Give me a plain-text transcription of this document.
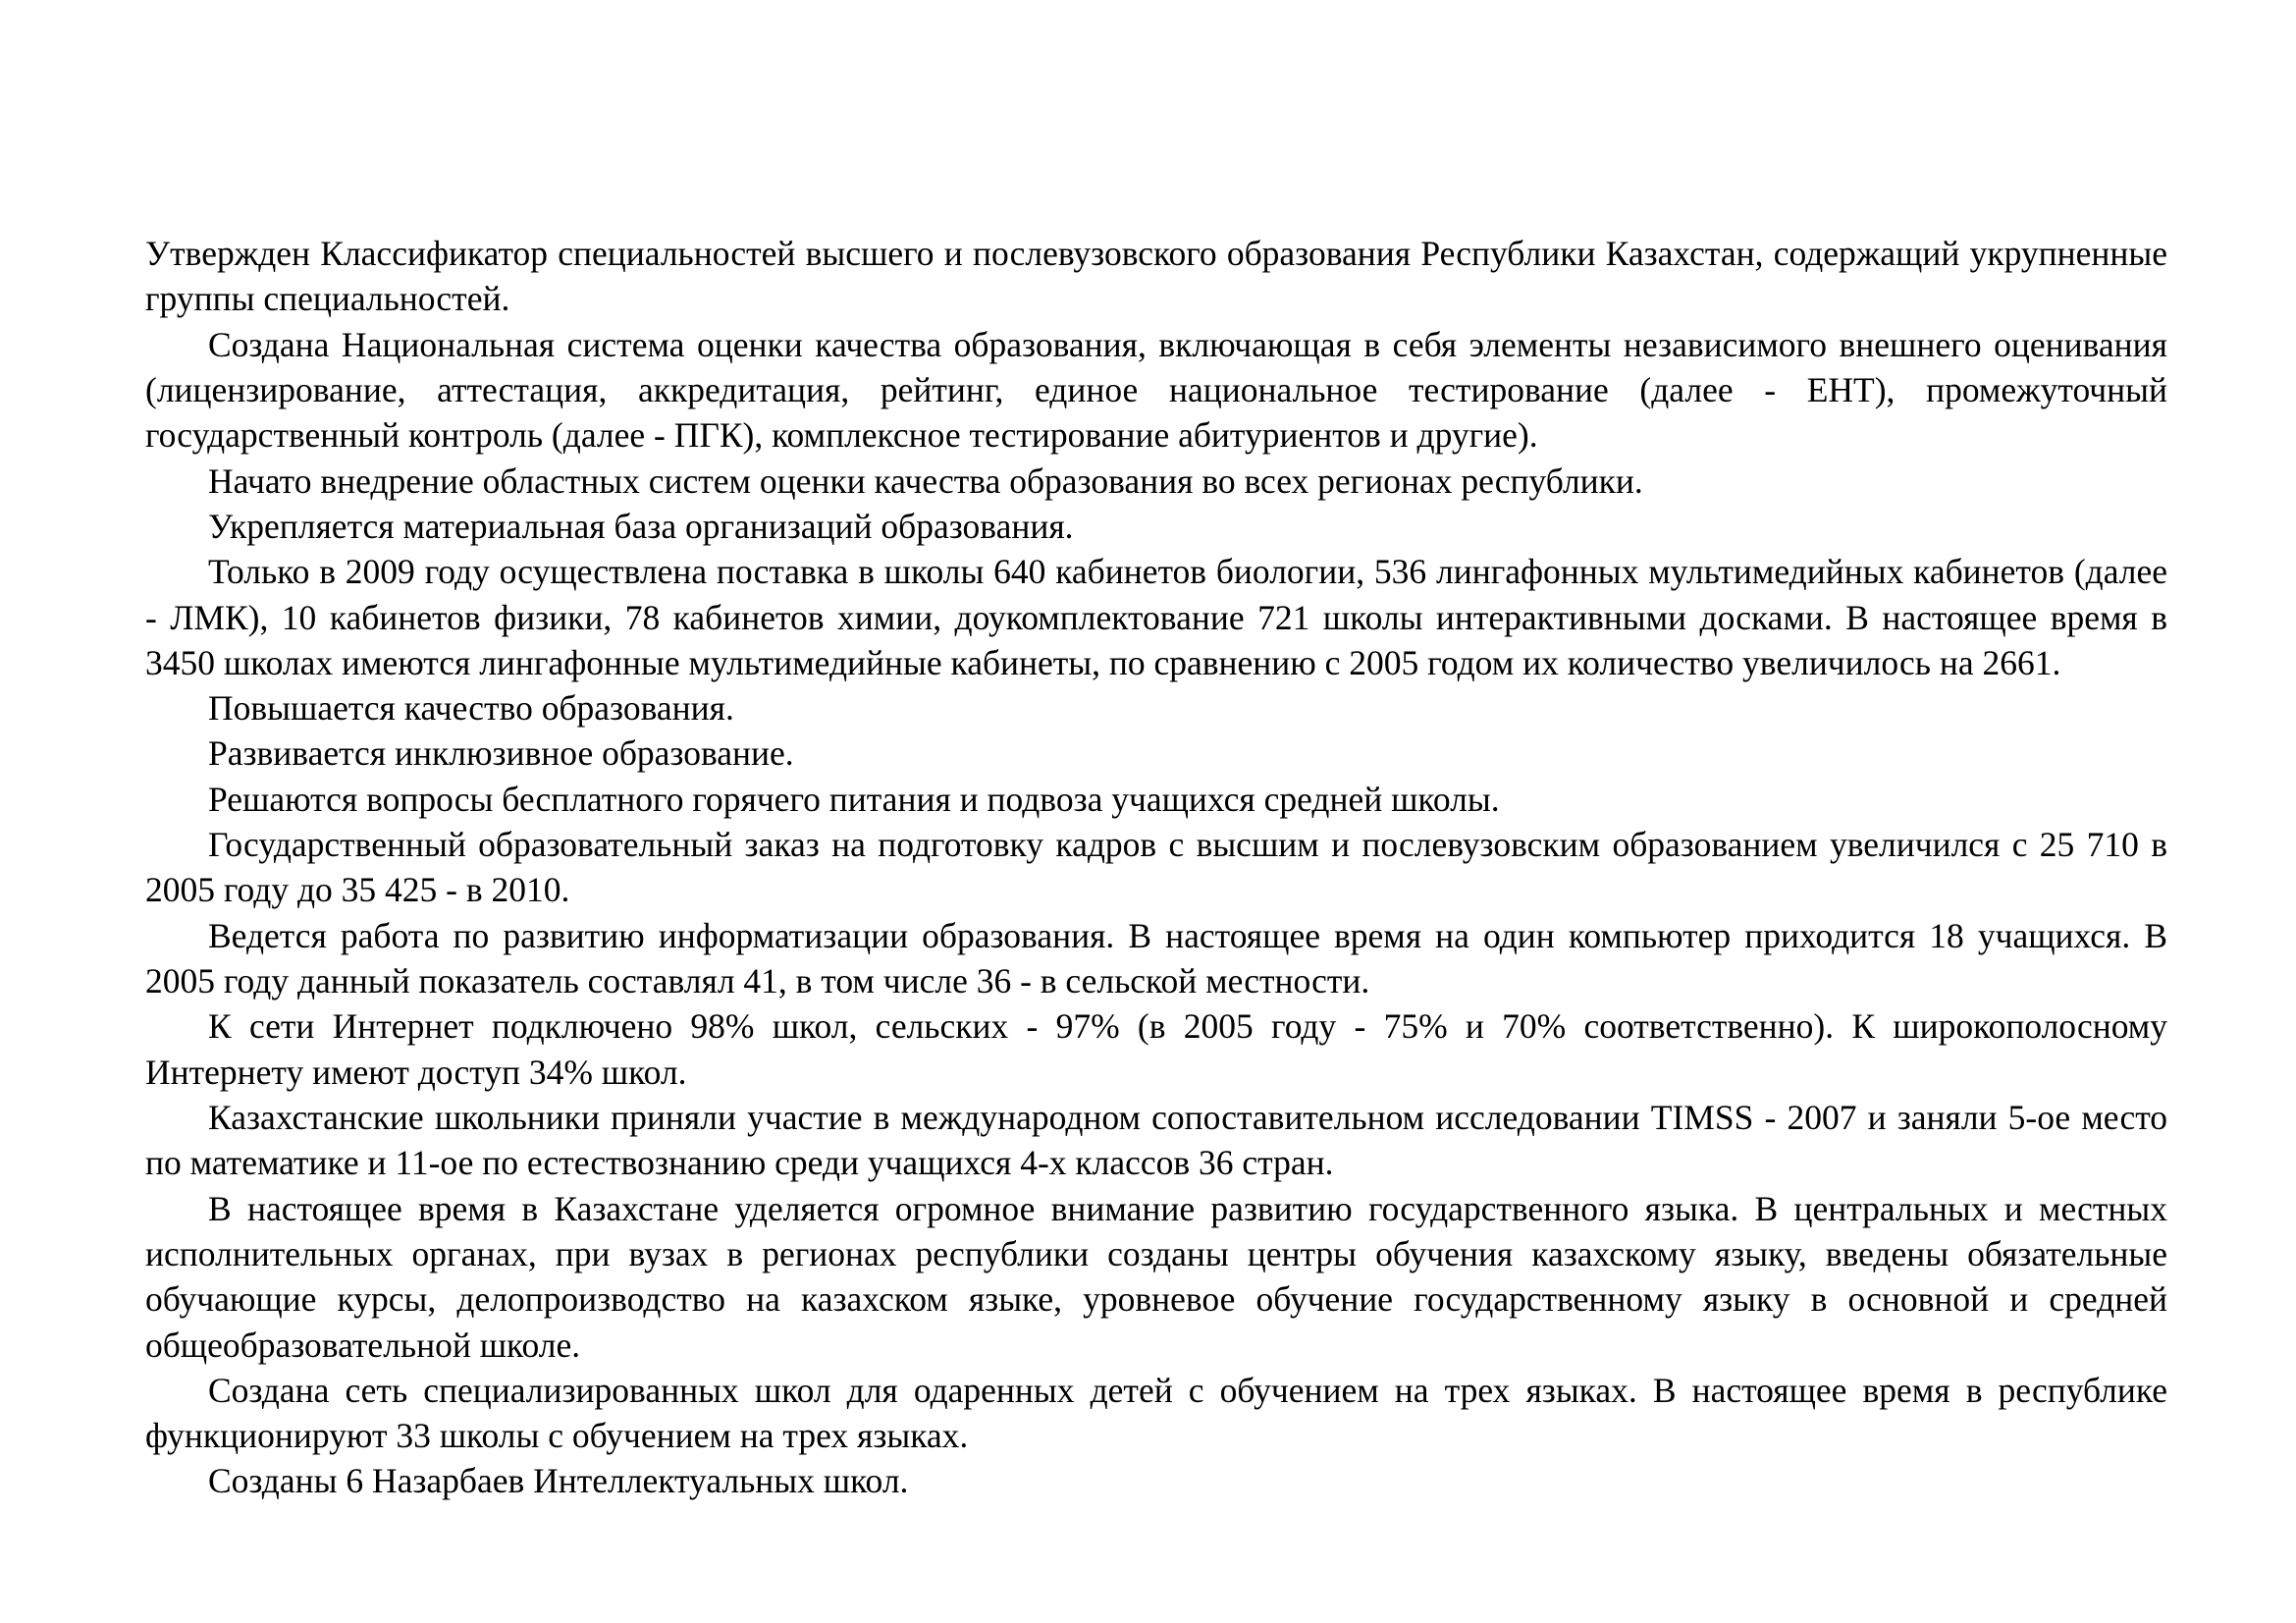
Утвержден Классификатор специальностей высшего и послевузовского образования Республики Казахстан, содержащий укрупненные группы специальностей.

Создана Национальная система оценки качества образования, включающая в себя элементы независимого внешнего оценивания (лицензирование, аттестация, аккредитация, рейтинг, единое национальное тестирование (далее - ЕНТ), промежуточный государственный контроль (далее - ПГК), комплексное тестирование абитуриентов и другие).

Начато внедрение областных систем оценки качества образования во всех регионах республики.

Укрепляется материальная база организаций образования.

Только в 2009 году осуществлена поставка в школы 640 кабинетов биологии, 536 лингафонных мультимедийных кабинетов (далее - ЛМК), 10 кабинетов физики, 78 кабинетов химии, доукомплектование 721 школы интерактивными досками. В настоящее время в 3450 школах имеются лингафонные мультимедийные кабинеты, по сравнению с 2005 годом их количество увеличилось на 2661.

Повышается качество образования.

Развивается инклюзивное образование.

Решаются вопросы бесплатного горячего питания и подвоза учащихся средней школы.

Государственный образовательный заказ на подготовку кадров с высшим и послевузовским образованием увеличился с 25 710 в 2005 году до 35 425 - в 2010.

Ведется работа по развитию информатизации образования. В настоящее время на один компьютер приходится 18 учащихся. В 2005 году данный показатель составлял 41, в том числе 36 - в сельской местности.

К сети Интернет подключено 98% школ, сельских - 97% (в 2005 году - 75% и 70% соответственно). К широкополосному Интернету имеют доступ 34% школ.

Казахстанские школьники приняли участие в международном сопоставительном исследовании TIMSS - 2007 и заняли 5-ое место по математике и 11-ое по естествознанию среди учащихся 4-х классов 36 стран.

В настоящее время в Казахстане уделяется огромное внимание развитию государственного языка. В центральных и местных исполнительных органах, при вузах в регионах республики созданы центры обучения казахскому языку, введены обязательные обучающие курсы, делопроизводство на казахском языке, уровневое обучение государственному языку в основной и средней общеобразовательной школе.

Создана сеть специализированных школ для одаренных детей с обучением на трех языках. В настоящее время в республике функционируют 33 школы с обучением на трех языках.

Созданы 6 Назарбаев Интеллектуальных школ.
